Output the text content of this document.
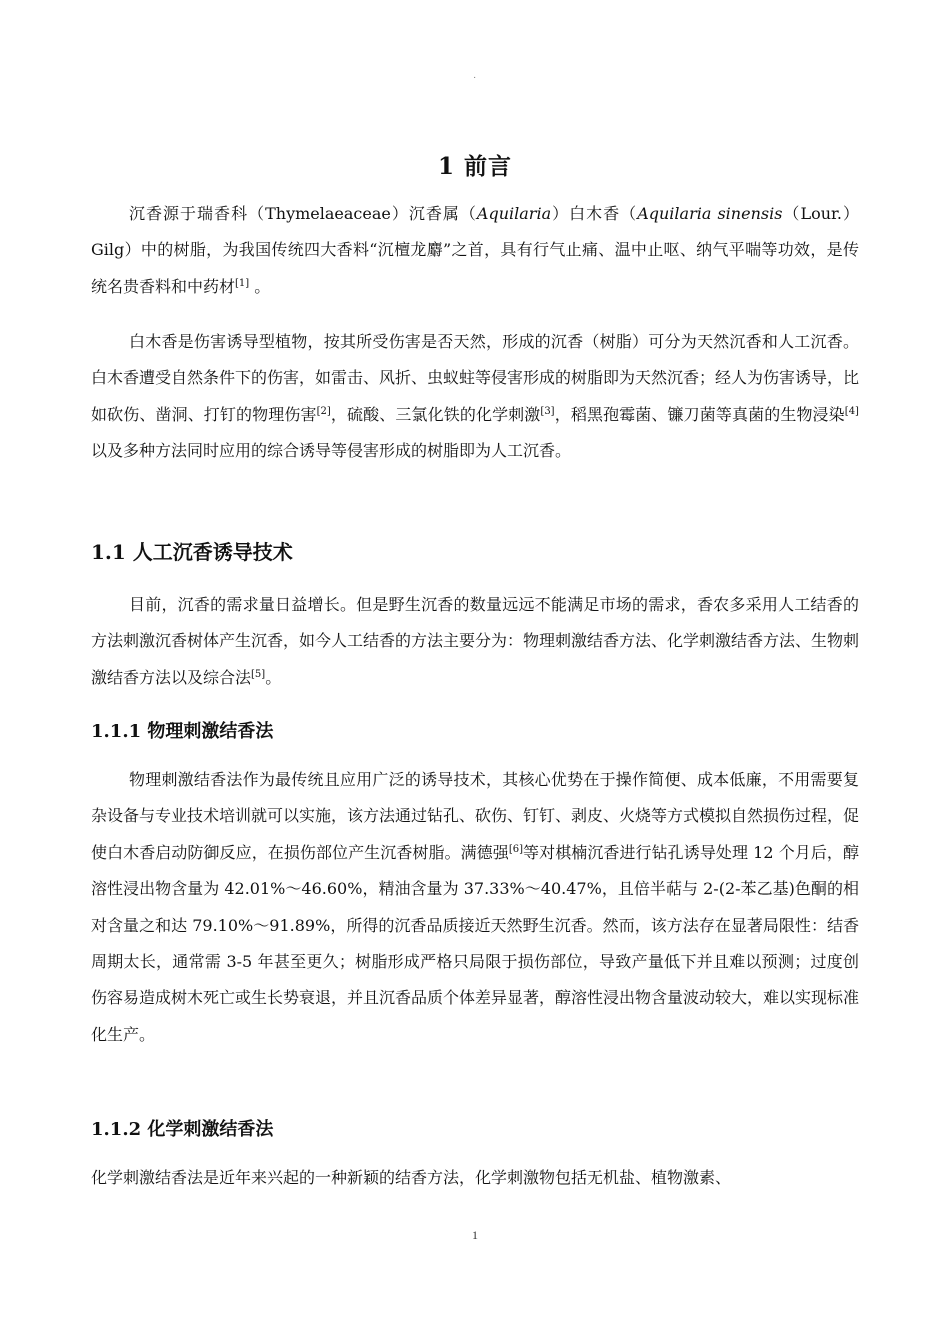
·
1 前言

沉香源于瑞香科（Thymelaeaceae）沉香属（Aquilaria）白木香（Aquilaria sinensis（Lour.）Gilg）中的树脂，为我国传统四大香料“沉檀龙麝”之首，具有行气止痛、温中止呕、纳气平喘等功效，是传统名贵香料和中药材[1] 。

白木香是伤害诱导型植物，按其所受伤害是否天然，形成的沉香（树脂）可分为天然沉香和人工沉香。白木香遭受自然条件下的伤害，如雷击、风折、虫蚁蛀等侵害形成的树脂即为天然沉香；经人为伤害诱导，比如砍伤、凿洞、打钉的物理伤害[2]，硫酸、三氯化铁的化学刺激[3]，稻黑孢霉菌、镰刀菌等真菌的生物浸染[4]以及多种方法同时应用的综合诱导等侵害形成的树脂即为人工沉香。

1.1 人工沉香诱导技术

目前，沉香的需求量日益增长。但是野生沉香的数量远远不能满足市场的需求，香农多采用人工结香的方法刺激沉香树体产生沉香，如今人工结香的方法主要分为：物理刺激结香方法、化学刺激结香方法、生物刺激结香方法以及综合法[5]。

1.1.1 物理刺激结香法

物理刺激结香法作为最传统且应用广泛的诱导技术，其核心优势在于操作简便、成本低廉，不用需要复杂设备与专业技术培训就可以实施，该方法通过钻孔、砍伤、钉钉、剥皮、火烧等方式模拟自然损伤过程，促使白木香启动防御反应，在损伤部位产生沉香树脂。满德强[6]等对棋楠沉香进行钻孔诱导处理 12 个月后，醇溶性浸出物含量为 42.01%～46.60%，精油含量为 37.33%～40.47%，且倍半萜与 2-(2-苯乙基)色酮的相对含量之和达 79.10%～91.89%，所得的沉香品质接近天然野生沉香。然而，该方法存在显著局限性：结香周期太长，通常需 3-5 年甚至更久；树脂形成严格只局限于损伤部位，导致产量低下并且难以预测；过度创伤容易造成树木死亡或生长势衰退，并且沉香品质个体差异显著，醇溶性浸出物含量波动较大，难以实现标准化生产。

1.1.2 化学刺激结香法

化学刺激结香法是近年来兴起的一种新颖的结香方法，化学刺激物包括无机盐、植物激素、

1
